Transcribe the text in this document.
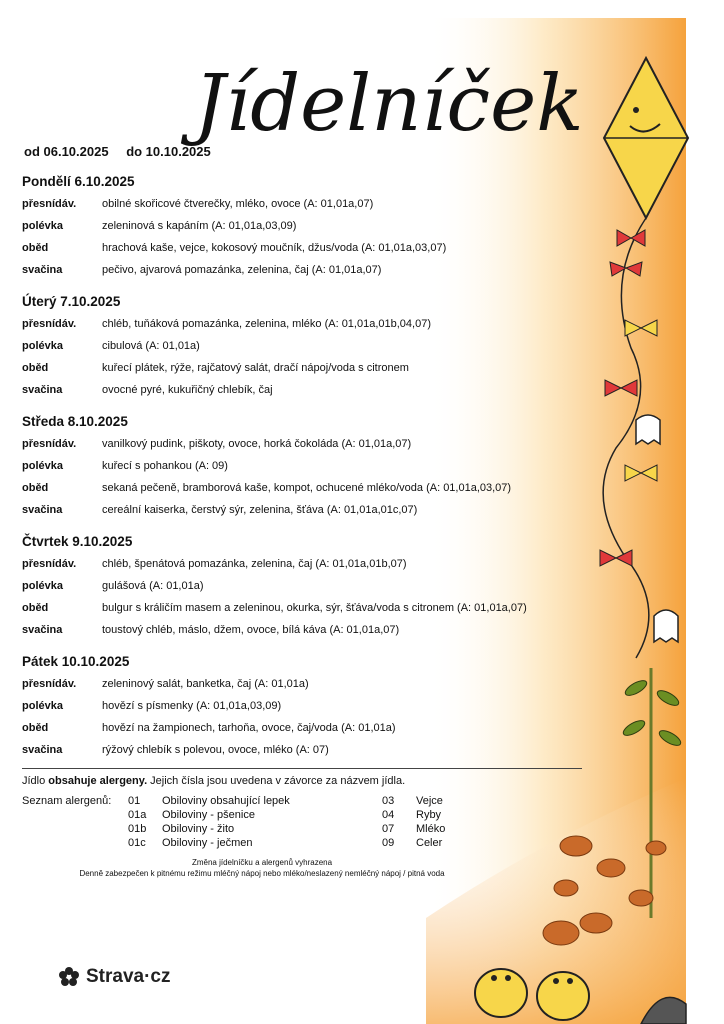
Jídelníček
od 06.10.2025 do 10.10.2025
Pondělí 6.10.2025
přesnídáv.	obilné skořicové čtverečky, mléko, ovoce (A: 01,01a,07)
polévka	zeleninová s kapáním (A: 01,01a,03,09)
oběd	hrachová kaše, vejce, kokosový moučník, džus/voda (A: 01,01a,03,07)
svačina	pečivo, ajvarová pomazánka, zelenina, čaj (A: 01,01a,07)
Úterý 7.10.2025
přesnídáv.	chléb, tuňáková pomazánka, zelenina, mléko (A: 01,01a,01b,04,07)
polévka	cibulová (A: 01,01a)
oběd	kuřecí plátek, rýže, rajčatový salát, dračí nápoj/voda s citronem
svačina	ovocné pyré, kukuřičný chlebík, čaj
Středa 8.10.2025
přesnídáv.	vanilkový pudink, piškoty, ovoce, horká čokoláda (A: 01,01a,07)
polévka	kuřecí s pohankou (A: 09)
oběd	sekaná pečeně, bramborová kaše, kompot, ochucené mléko/voda (A: 01,01a,03,07)
svačina	cereální kaiserka, čerstvý sýr, zelenina, šťáva (A: 01,01a,01c,07)
Čtvrtek 9.10.2025
přesnídáv.	chléb, špenátová pomazánka, zelenina, čaj (A: 01,01a,01b,07)
polévka	gulášová (A: 01,01a)
oběd	bulgur s králičím masem a zeleninou, okurka, sýr, šťáva/voda s citronem (A: 01,01a,07)
svačina	toustový chléb, máslo, džem, ovoce, bílá káva (A: 01,01a,07)
Pátek 10.10.2025
přesnídáv.	zeleninový salát, banketka, čaj (A: 01,01a)
polévka	hovězí s písmenky (A: 01,01a,03,09)
oběd	hovězí na žampionech, tarhoňa, ovoce, čaj/voda (A: 01,01a)
svačina	rýžový chlebík s polevou, ovoce, mléko (A: 07)
Jídlo obsahuje alergeny. Jejich čísla jsou uvedena v závorce za názvem jídla.
Seznam alergenů: 01	Obiloviny obsahující lepek
01a	Obiloviny - pšenice
01b	Obiloviny - žito
01c	Obiloviny - ječmen
03	Vejce
04	Ryby
07	Mléko
09	Celer
Změna jídelníčku a alergenů vyhrazena
Denně zabezpečen k pitnému režimu mléčný nápoj nebo mléko/neslazený nemléčný nápoj / pitná voda
Strava·cz
